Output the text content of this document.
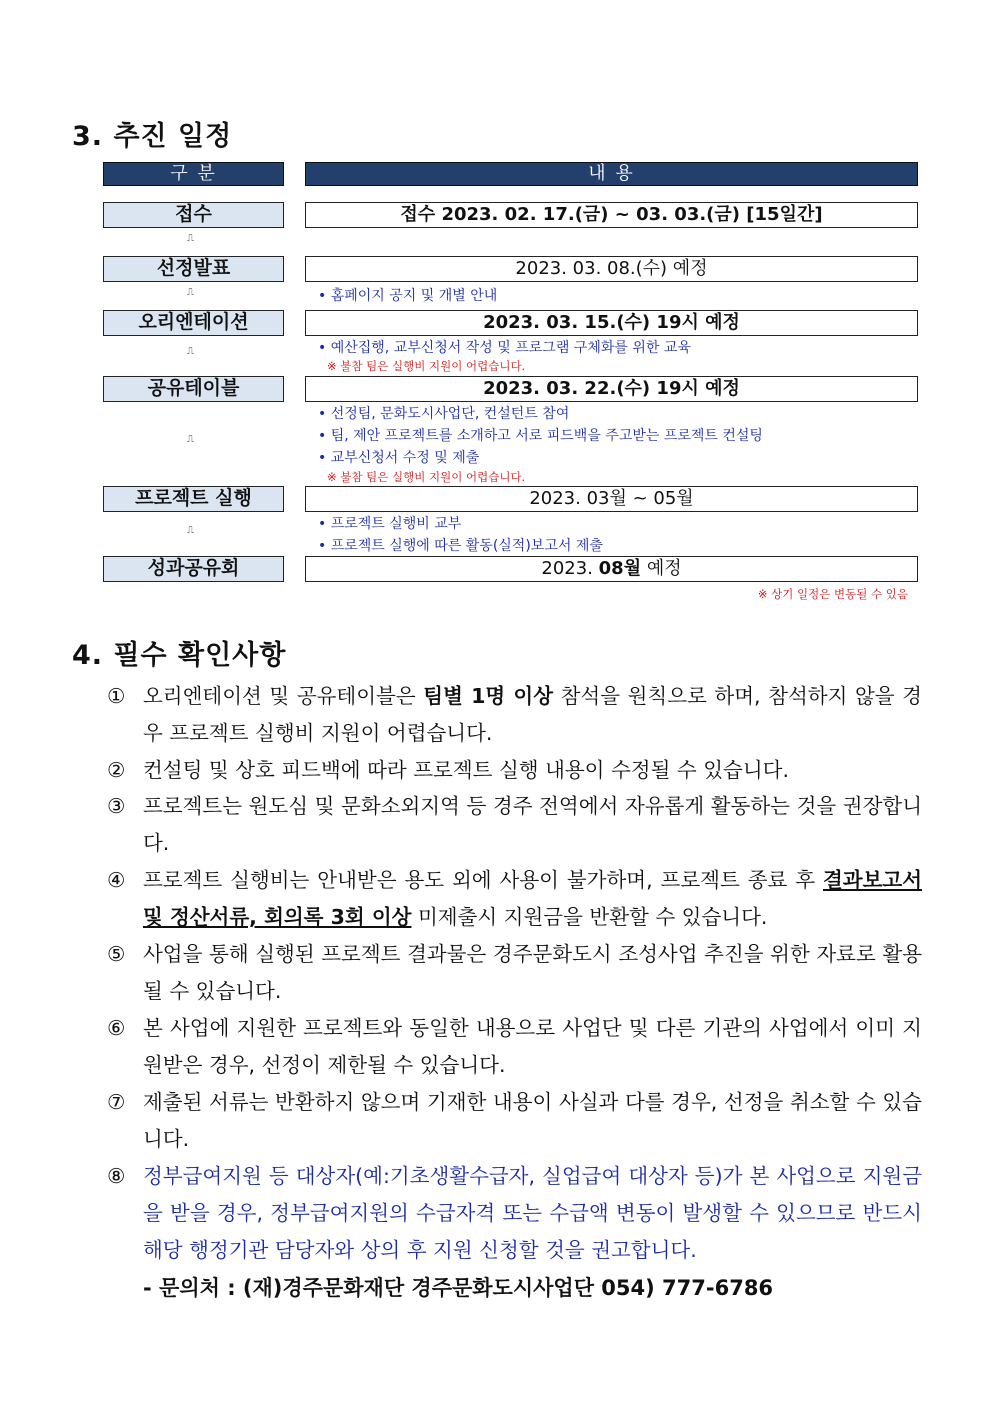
3. 추진 일정
구 분	내 용
접수	접수 2023. 02. 17.(금) ~ 03. 03.(금) [15일간]
⎍
선정발표	2023. 03. 08.(수) 예정
⎍	• 홈페이지 공지 및 개별 안내
오리엔테이션	2023. 03. 15.(수) 19시 예정
⎍	• 예산집행, 교부신청서 작성 및 프로그램 구체화를 위한 교육
※ 불참 팀은 실행비 지원이 어렵습니다.
공유테이블	2023. 03. 22.(수) 19시 예정
⎍
• 선정팀, 문화도시사업단, 컨설턴트 참여
• 팀, 제안 프로젝트를 소개하고 서로 피드백을 주고받는 프로젝트 컨설팅
• 교부신청서 수정 및 제출
※ 불참 팀은 실행비 지원이 어렵습니다.
프로젝트 실행	2023. 03월 ~ 05월
⎍	• 프로젝트 실행비 교부
• 프로젝트 실행에 따른 활동(실적)보고서 제출
성과공유회	2023. 08월 예정
※ 상기 일정은 변동될 수 있음
4. 필수 확인사항
① 오리엔테이션 및 공유테이블은 팀별 1명 이상 참석을 원칙으로 하며, 참석하지 않을 경우 프로젝트 실행비 지원이 어렵습니다.
② 컨설팅 및 상호 피드백에 따라 프로젝트 실행 내용이 수정될 수 있습니다.
③ 프로젝트는 원도심 및 문화소외지역 등 경주 전역에서 자유롭게 활동하는 것을 권장합니다.
④ 프로젝트 실행비는 안내받은 용도 외에 사용이 불가하며, 프로젝트 종료 후 결과보고서 및 정산서류, 회의록 3회 이상 미제출시 지원금을 반환할 수 있습니다.
⑤ 사업을 통해 실행된 프로젝트 결과물은 경주문화도시 조성사업 추진을 위한 자료로 활용될 수 있습니다.
⑥ 본 사업에 지원한 프로젝트와 동일한 내용으로 사업단 및 다른 기관의 사업에서 이미 지원받은 경우, 선정이 제한될 수 있습니다.
⑦ 제출된 서류는 반환하지 않으며 기재한 내용이 사실과 다를 경우, 선정을 취소할 수 있습니다.
⑧ 정부급여지원 등 대상자(예:기초생활수급자, 실업급여 대상자 등)가 본 사업으로 지원금을 받을 경우, 정부급여지원의 수급자격 또는 수급액 변동이 발생할 수 있으므로 반드시 해당 행정기관 담당자와 상의 후 지원 신청할 것을 권고합니다.
- 문의처 : (재)경주문화재단 경주문화도시사업단 054) 777-6786
